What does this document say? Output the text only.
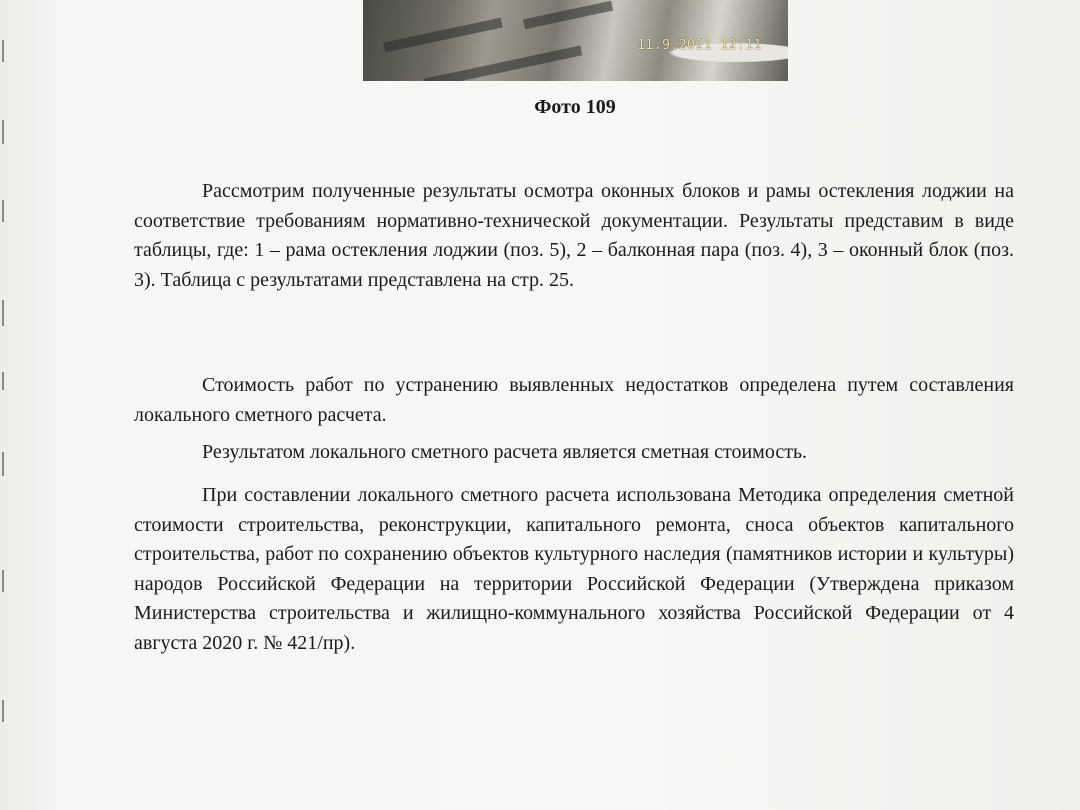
11.9.2021 12:11
Фото 109

Рассмотрим полученные результаты осмотра оконных блоков и рамы остекления лоджии на соответствие требованиям нормативно-технической документации. Результаты представим в виде таблицы, где: 1 – рама остекления лоджии (поз. 5), 2 – балконная пара (поз. 4), 3 – оконный блок (поз. 3). Таблица с результатами представлена на стр. 25.

Стоимость работ по устранению выявленных недостатков определена путем составления локального сметного расчета.

Результатом локального сметного расчета является сметная стоимость.

При составлении локального сметного расчета использована Методика определения сметной стоимости строительства, реконструкции, капитального ремонта, сноса объектов капитального строительства, работ по сохранению объектов культурного наследия (памятников истории и культуры) народов Российской Федерации на территории Российской Федерации (Утверждена приказом Министерства строительства и жилищно-коммунального хозяйства Российской Федерации от 4 августа 2020 г. № 421/пр).
